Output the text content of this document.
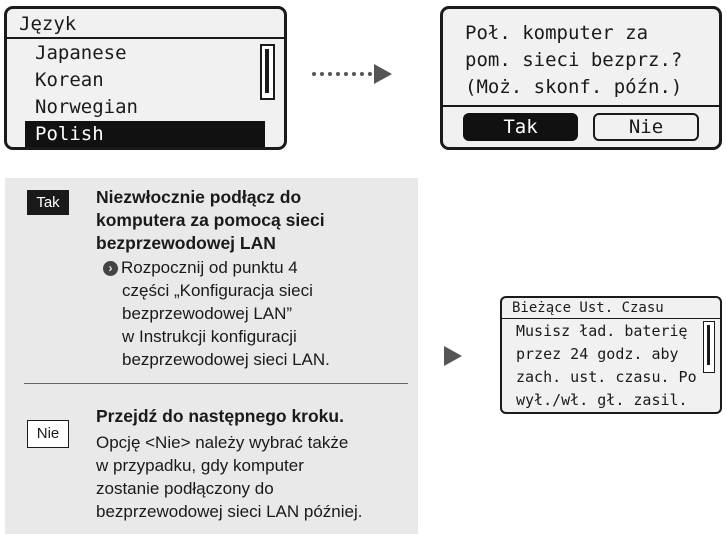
Język
Japanese
Korean
Norwegian
Polish
Poł. komputer za
pom. sieci bezprz.?
(Moż. skonf. późn.)
Tak	Nie
Tak	Niezwłocznie podłącz do
komputera za pomocą sieci
bezprzewodowej LAN
› Rozpocznij od punktu 4
części „Konfiguracja sieci
bezprzewodowej LAN”
w Instrukcji konfiguracji
bezprzewodowej sieci LAN.
Nie
Przejdź do następnego kroku.
Opcję <Nie> należy wybrać także
w przypadku, gdy komputer
zostanie podłączony do
bezprzewodowej sieci LAN później.
Bieżące Ust. Czasu
Musisz ład. baterię
przez 24 godz. aby
zach. ust. czasu. Po
wył./wł. gł. zasil.
